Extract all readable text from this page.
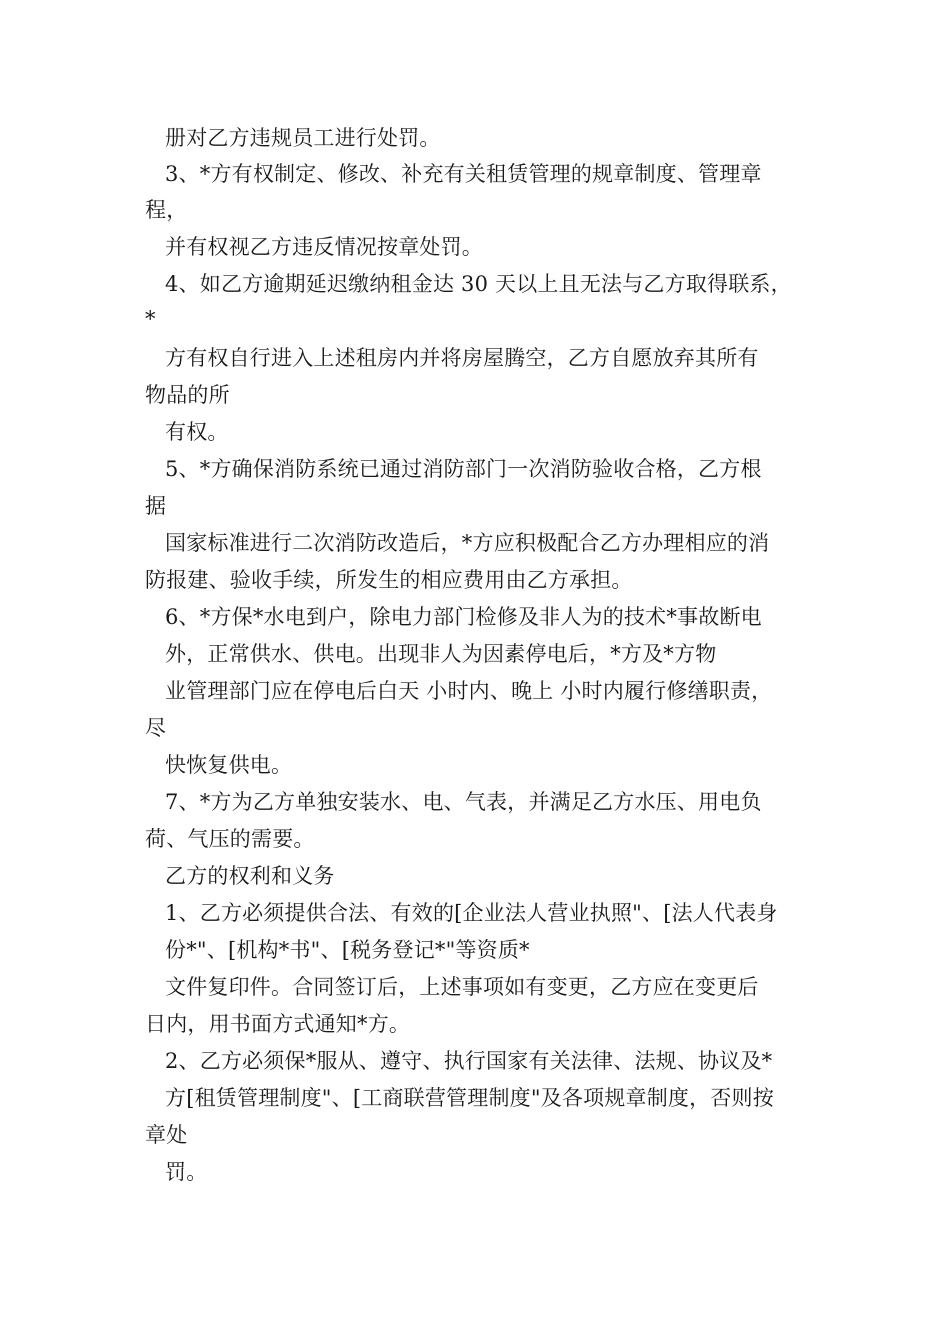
册对乙方违规员工进行处罚。
3、*方有权制定、修改、补充有关租赁管理的规章制度、管理章
程，
并有权视乙方违反情况按章处罚。
4、如乙方逾期延迟缴纳租金达 30 天以上且无法与乙方取得联系，
*
方有权自行进入上述租房内并将房屋腾空，乙方自愿放弃其所有
物品的所
有权。
5、*方确保消防系统已通过消防部门一次消防验收合格，乙方根
据
国家标准进行二次消防改造后，*方应积极配合乙方办理相应的消
防报建、验收手续，所发生的相应费用由乙方承担。
6、*方保*水电到户，除电力部门检修及非人为的技术*事故断电
外，正常供水、供电。出现非人为因素停电后，*方及*方物
业管理部门应在停电后白天 小时内、晚上 小时内履行修缮职责，
尽
快恢复供电。
7、*方为乙方单独安装水、电、气表，并满足乙方水压、用电负
荷、气压的需要。
乙方的权利和义务
1、乙方必须提供合法、有效的[企业法人营业执照"、[法人代表身
份*"、[机构*书"、[税务登记*"等资质*
文件复印件。合同签订后，上述事项如有变更，乙方应在变更后
日内，用书面方式通知*方。
2、乙方必须保*服从、遵守、执行国家有关法律、法规、协议及*
方[租赁管理制度"、[工商联营管理制度"及各项规章制度，否则按
章处
罚。
